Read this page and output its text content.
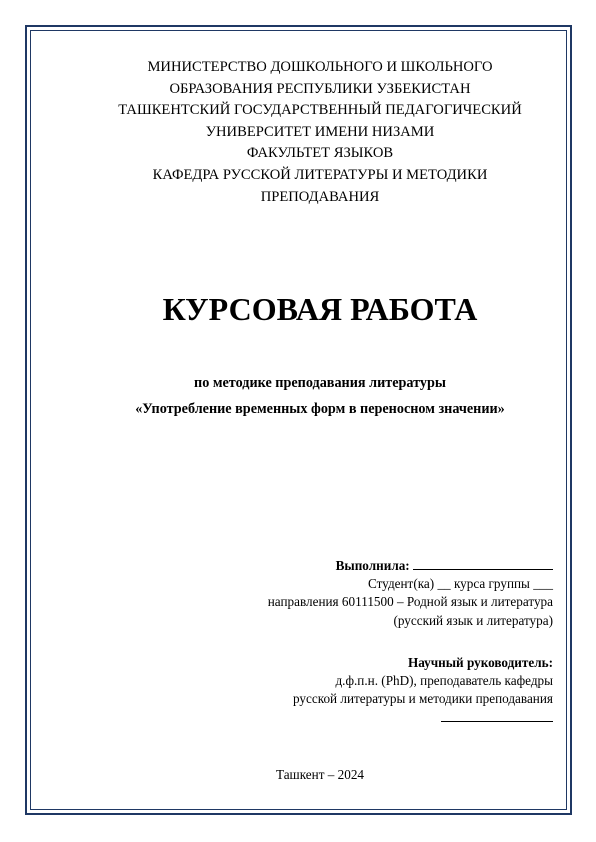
МИНИСТЕРСТВО ДОШКОЛЬНОГО И ШКОЛЬНОГО
ОБРАЗОВАНИЯ РЕСПУБЛИКИ УЗБЕКИСТАН
ТАШКЕНТСКИЙ ГОСУДАРСТВЕННЫЙ ПЕДАГОГИЧЕСКИЙ
УНИВЕРСИТЕТ ИМЕНИ НИЗАМИ
ФАКУЛЬТЕТ ЯЗЫКОВ
КАФЕДРА РУССКОЙ ЛИТЕРАТУРЫ И МЕТОДИКИ
ПРЕПОДАВАНИЯ
КУРСОВАЯ РАБОТА
по методике преподавания литературы
«Употребление временных форм в переносном значении»
Выполнила:
Студент(ка) __ курса группы ___
направления 60111500 – Родной язык и литература
(русский язык и литература)
Научный руководитель:
д.ф.п.н. (PhD), преподаватель кафедры
русской литературы и методики преподавания
Ташкент – 2024
